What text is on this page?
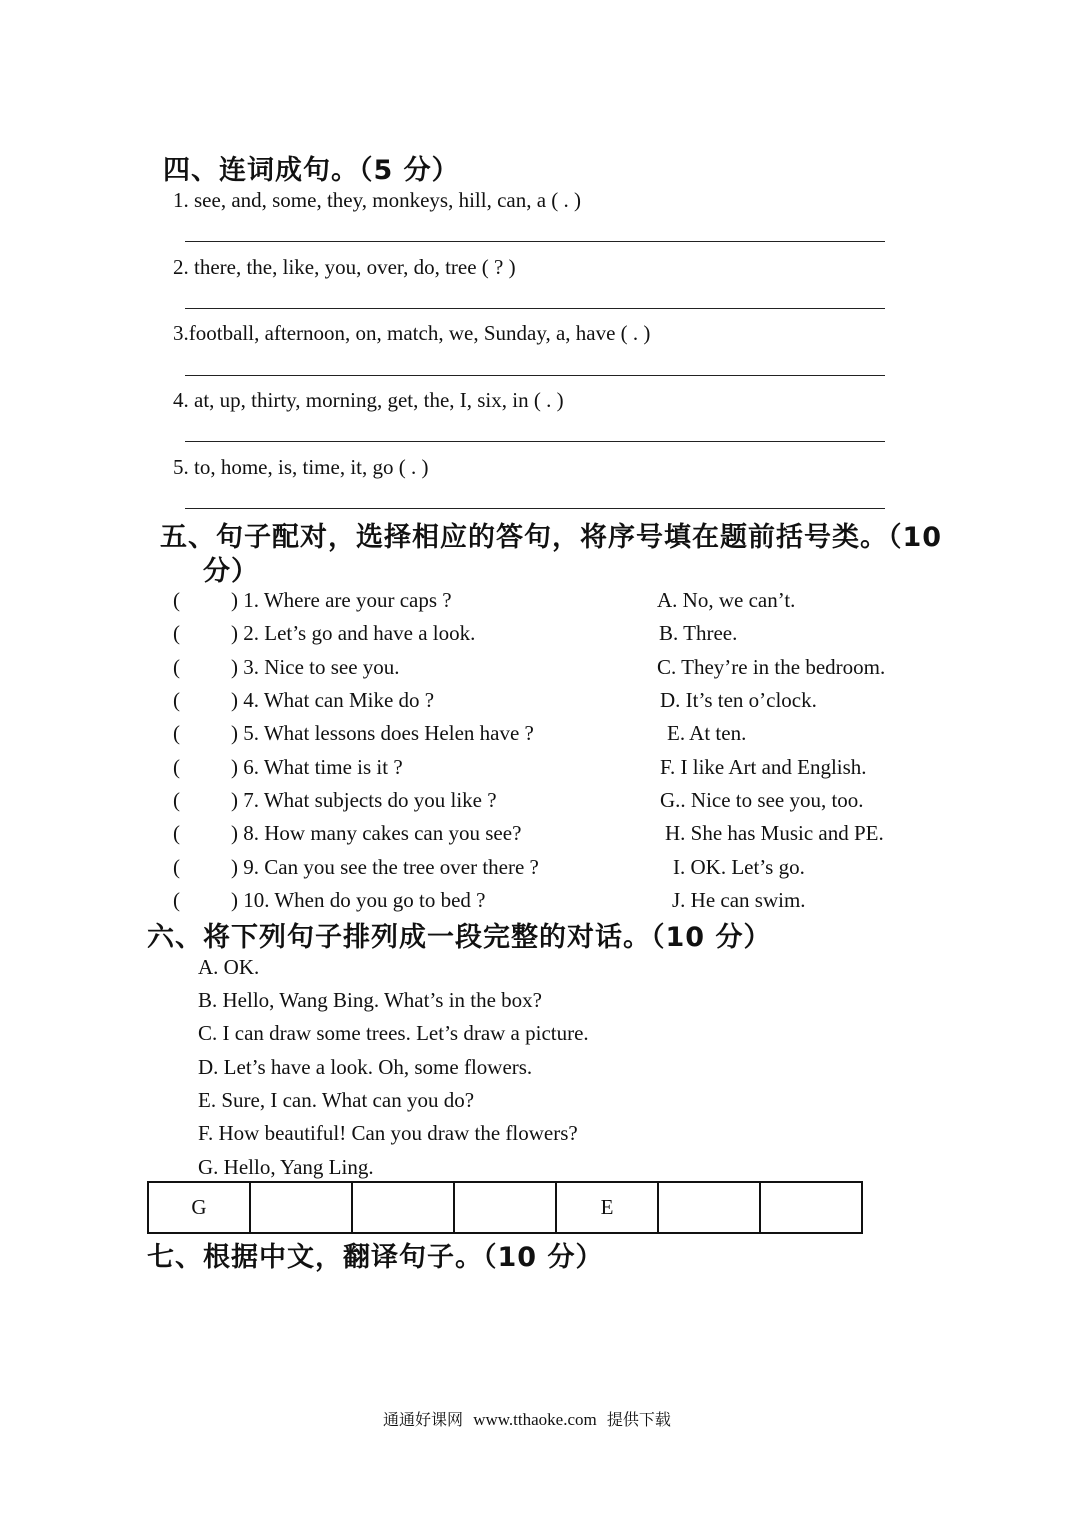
四、连词成句。（5 分）
1. see, and, some, they, monkeys, hill, can, a ( . )
2. there, the, like, you, over, do, tree ( ? )
3.football, afternoon, on, match, we, Sunday, a, have ( . )
4. at, up, thirty, morning, get, the, I, six, in ( . )
5. to, home, is, time, it, go ( . )
五、句子配对，选择相应的答句，将序号填在题前括号类。（10
分）
( ) 1. Where are your caps ?	A. No, we can’t.
( ) 2. Let’s go and have a look.	B. Three.
( ) 3. Nice to see you.	C. They’re in the bedroom.
( ) 4. What can Mike do ?	D. It’s ten o’clock.
( ) 5. What lessons does Helen have ?	E. At ten.
( ) 6. What time is it ?	F. I like Art and English.
( ) 7. What subjects do you like ?	G.. Nice to see you, too.
( ) 8. How many cakes can you see?	H. She has Music and PE.
( ) 9. Can you see the tree over there ?	I. OK. Let’s go.
( ) 10. When do you go to bed ?	J. He can swim.
六、将下列句子排列成一段完整的对话。（10 分）
A. OK.
B. Hello, Wang Bing. What’s in the box?
C. I can draw some trees. Let’s draw a picture.
D. Let’s have a look. Oh, some flowers.
E. Sure, I can. What can you do?
F. How beautiful! Can you draw the flowers?
G. Hello, Yang Ling.
G				E		
七、根据中文，翻译句子。（10 分）
通通好课网 www.tthaoke.com 提供下载
